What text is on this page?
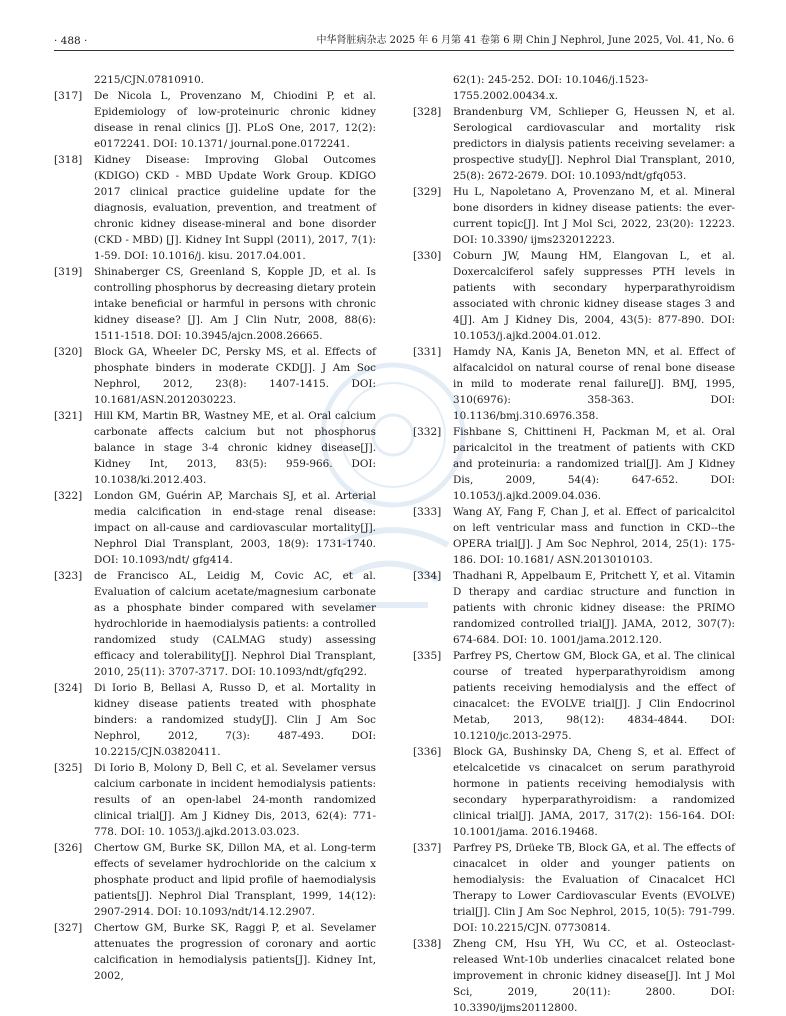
· 488 ·	中华肾脏病杂志 2025 年 6 月第 41 卷第 6 期 Chin J Nephrol, June 2025, Vol. 41, No. 6
2215/CJN.07810910.
[317]	De Nicola L, Provenzano M, Chiodini P, et al. Epidemiology of low-proteinuric chronic kidney disease in renal clinics [J]. PLoS One, 2017, 12(2): e0172241. DOI: 10.1371/ journal.pone.0172241.
[318]	Kidney Disease: Improving Global Outcomes (KDIGO) CKD - MBD Update Work Group. KDIGO 2017 clinical practice guideline update for the diagnosis, evaluation, prevention, and treatment of chronic kidney disease-mineral and bone disorder (CKD - MBD) [J]. Kidney Int Suppl (2011), 2017, 7(1): 1-59. DOI: 10.1016/j. kisu. 2017.04.001.
[319]	Shinaberger CS, Greenland S, Kopple JD, et al. Is controlling phosphorus by decreasing dietary protein intake beneficial or harmful in persons with chronic kidney disease? [J]. Am J Clin Nutr, 2008, 88(6): 1511-1518. DOI: 10.3945/ajcn.2008.26665.
[320]	Block GA, Wheeler DC, Persky MS, et al. Effects of phosphate binders in moderate CKD[J]. J Am Soc Nephrol, 2012, 23(8): 1407-1415. DOI: 10.1681/ASN.2012030223.
[321]	Hill KM, Martin BR, Wastney ME, et al. Oral calcium carbonate affects calcium but not phosphorus balance in stage 3-4 chronic kidney disease[J]. Kidney Int, 2013, 83(5): 959-966. DOI: 10.1038/ki.2012.403.
[322]	London GM, Guérin AP, Marchais SJ, et al. Arterial media calcification in end-stage renal disease: impact on all-cause and cardiovascular mortality[J]. Nephrol Dial Transplant, 2003, 18(9): 1731-1740. DOI: 10.1093/ndt/ gfg414.
[323]	de Francisco AL, Leidig M, Covic AC, et al. Evaluation of calcium acetate/magnesium carbonate as a phosphate binder compared with sevelamer hydrochloride in haemodialysis patients: a controlled randomized study (CALMAG study) assessing efficacy and tolerability[J]. Nephrol Dial Transplant, 2010, 25(11): 3707-3717. DOI: 10.1093/ndt/gfq292.
[324]	Di Iorio B, Bellasi A, Russo D, et al. Mortality in kidney disease patients treated with phosphate binders: a randomized study[J]. Clin J Am Soc Nephrol, 2012, 7(3): 487-493. DOI: 10.2215/CJN.03820411.
[325]	Di Iorio B, Molony D, Bell C, et al. Sevelamer versus calcium carbonate in incident hemodialysis patients: results of an open-label 24-month randomized clinical trial[J]. Am J Kidney Dis, 2013, 62(4): 771-778. DOI: 10. 1053/j.ajkd.2013.03.023.
[326]	Chertow GM, Burke SK, Dillon MA, et al. Long-term effects of sevelamer hydrochloride on the calcium x phosphate product and lipid profile of haemodialysis patients[J]. Nephrol Dial Transplant, 1999, 14(12): 2907-2914. DOI: 10.1093/ndt/14.12.2907.
[327]	Chertow GM, Burke SK, Raggi P, et al. Sevelamer attenuates the progression of coronary and aortic calcification in hemodialysis patients[J]. Kidney Int, 2002,
62(1): 245-252. DOI: 10.1046/j.1523-1755.2002.00434.x.
[328]	Brandenburg VM, Schlieper G, Heussen N, et al. Serological cardiovascular and mortality risk predictors in dialysis patients receiving sevelamer: a prospective study[J]. Nephrol Dial Transplant, 2010, 25(8): 2672-2679. DOI: 10.1093/ndt/gfq053.
[329]	Hu L, Napoletano A, Provenzano M, et al. Mineral bone disorders in kidney disease patients: the ever-current topic[J]. Int J Mol Sci, 2022, 23(20): 12223. DOI: 10.3390/ ijms232012223.
[330]	Coburn JW, Maung HM, Elangovan L, et al. Doxercalciferol safely suppresses PTH levels in patients with secondary hyperparathyroidism associated with chronic kidney disease stages 3 and 4[J]. Am J Kidney Dis, 2004, 43(5): 877-890. DOI: 10.1053/j.ajkd.2004.01.012.
[331]	Hamdy NA, Kanis JA, Beneton MN, et al. Effect of alfacalcidol on natural course of renal bone disease in mild to moderate renal failure[J]. BMJ, 1995, 310(6976): 358-363. DOI: 10.1136/bmj.310.6976.358.
[332]	Fishbane S, Chittineni H, Packman M, et al. Oral paricalcitol in the treatment of patients with CKD and proteinuria: a randomized trial[J]. Am J Kidney Dis, 2009, 54(4): 647-652. DOI: 10.1053/j.ajkd.2009.04.036.
[333]	Wang AY, Fang F, Chan J, et al. Effect of paricalcitol on left ventricular mass and function in CKD--the OPERA trial[J]. J Am Soc Nephrol, 2014, 25(1): 175-186. DOI: 10.1681/ ASN.2013010103.
[334]	Thadhani R, Appelbaum E, Pritchett Y, et al. Vitamin D therapy and cardiac structure and function in patients with chronic kidney disease: the PRIMO randomized controlled trial[J]. JAMA, 2012, 307(7): 674-684. DOI: 10. 1001/jama.2012.120.
[335]	Parfrey PS, Chertow GM, Block GA, et al. The clinical course of treated hyperparathyroidism among patients receiving hemodialysis and the effect of cinacalcet: the EVOLVE trial[J]. J Clin Endocrinol Metab, 2013, 98(12): 4834-4844. DOI: 10.1210/jc.2013-2975.
[336]	Block GA, Bushinsky DA, Cheng S, et al. Effect of etelcalcetide vs cinacalcet on serum parathyroid hormone in patients receiving hemodialysis with secondary hyperparathyroidism: a randomized clinical trial[J]. JAMA, 2017, 317(2): 156-164. DOI: 10.1001/jama. 2016.19468.
[337]	Parfrey PS, Drüeke TB, Block GA, et al. The effects of cinacalcet in older and younger patients on hemodialysis: the Evaluation of Cinacalcet HCl Therapy to Lower Cardiovascular Events (EVOLVE) trial[J]. Clin J Am Soc Nephrol, 2015, 10(5): 791-799. DOI: 10.2215/CJN. 07730814.
[338]	Zheng CM, Hsu YH, Wu CC, et al. Osteoclast-released Wnt-10b underlies cinacalcet related bone improvement in chronic kidney disease[J]. Int J Mol Sci, 2019, 20(11): 2800. DOI: 10.3390/ijms20112800.
